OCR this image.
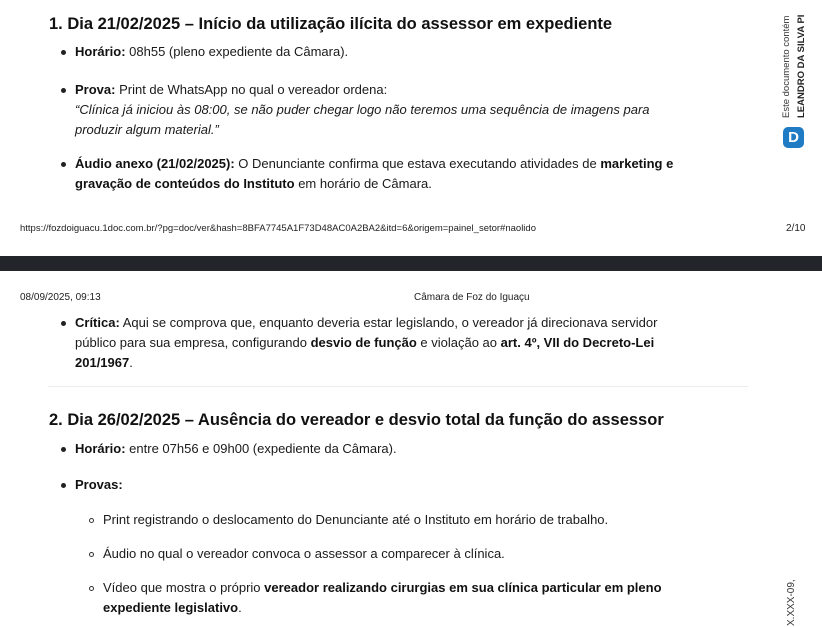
1. Dia 21/02/2025 – Início da utilização ilícita do assessor em expediente
Horário: 08h55 (pleno expediente da Câmara).
Prova: Print de WhatsApp no qual o vereador ordena:
“Clínica já iniciou às 08:00, se não puder chegar logo não teremos uma sequência de imagens para
produzir algum material.”
Áudio anexo (21/02/2025): O Denunciante confirma que estava executando atividades de marketing e
gravação de conteúdos do Instituto em horário de Câmara.
https://fozdoiguacu.1doc.com.br/?pg=doc/ver&hash=8BFA7745A1F73D48AC0A2BA2&itd=6&origem=painel_setor#naolido	2/10
Este documento contém LEANDRO DA SILVA PI
D
08/09/2025, 09:13	Câmara de Foz do Iguaçu
Crítica: Aqui se comprova que, enquanto deveria estar legislando, o vereador já direcionava servidor
público para sua empresa, configurando desvio de função e violação ao art. 4º, VII do Decreto-Lei
201/1967.
2. Dia 26/02/2025 – Ausência do vereador e desvio total da função do assessor
Horário: entre 07h56 e 09h00 (expediente da Câmara).
Provas:
Print registrando o deslocamento do Denunciante até o Instituto em horário de trabalho.
Áudio no qual o vereador convoca o assessor a comparecer à clínica.
Vídeo que mostra o próprio vereador realizando cirurgias em sua clínica particular em pleno
expediente legislativo.	X.XXX-09,
